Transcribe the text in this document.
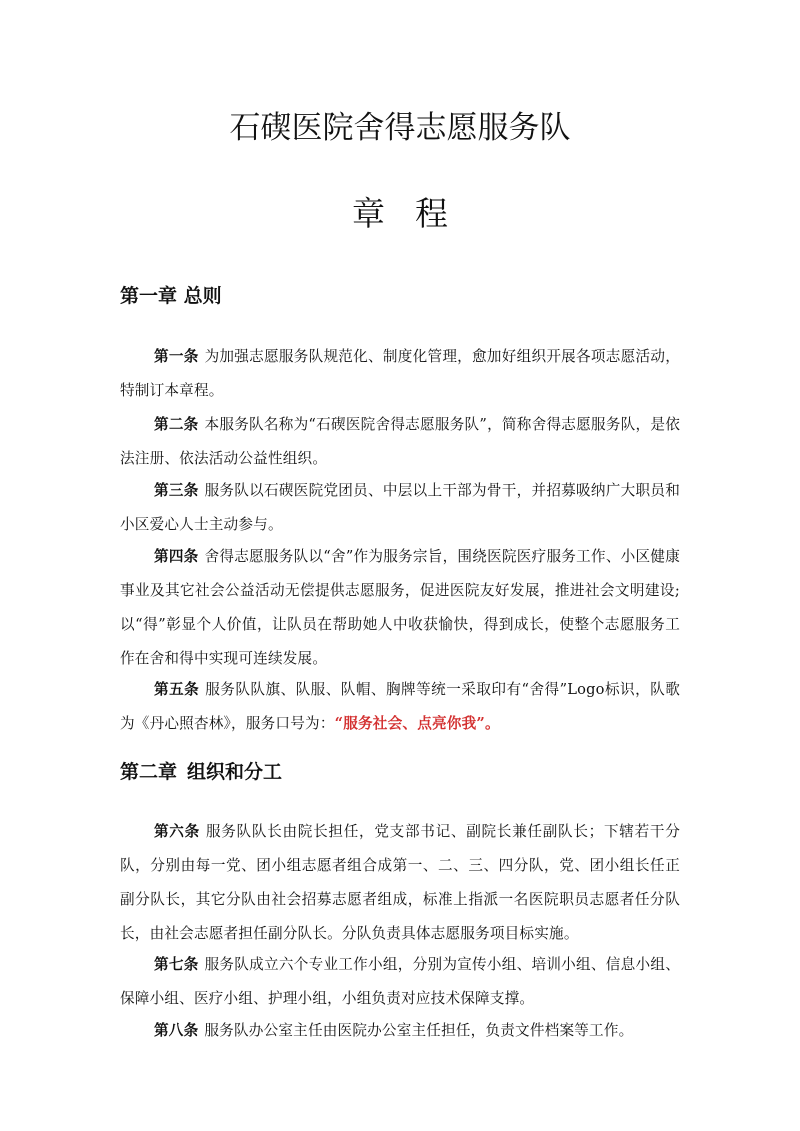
石碶医院舍得志愿服务队
章程
第一章 总则

第一条 为加强志愿服务队规范化、制度化管理，愈加好组织开展各项志愿活动，特制订本章程。

第二条 本服务队名称为“石碶医院舍得志愿服务队”，简称舍得志愿服务队，是依法注册、依法活动公益性组织。

第三条 服务队以石碶医院党团员、中层以上干部为骨干，并招募吸纳广大职员和小区爱心人士主动参与。

第四条 舍得志愿服务队以“舍”作为服务宗旨，围绕医院医疗服务工作、小区健康事业及其它社会公益活动无偿提供志愿服务，促进医院友好发展，推进社会文明建设; 以“得”彰显个人价值，让队员在帮助她人中收获愉快，得到成长，使整个志愿服务工作在舍和得中实现可连续发展。

第五条 服务队队旗、队服、队帽、胸牌等统一采取印有“舍得”Logo标识，队歌为《丹心照杏林》，服务口号为：“服务社会、点亮你我”。

第二章 组织和分工

第六条 服务队队长由院长担任，党支部书记、副院长兼任副队长；下辖若干分队，分别由每一党、团小组志愿者组合成第一、二、三、四分队，党、团小组长任正副分队长，其它分队由社会招募志愿者组成，标准上指派一名医院职员志愿者任分队长，由社会志愿者担任副分队长。分队负责具体志愿服务项目标实施。

第七条 服务队成立六个专业工作小组，分别为宣传小组、培训小组、信息小组、保障小组、医疗小组、护理小组，小组负责对应技术保障支撑。

第八条 服务队办公室主任由医院办公室主任担任，负责文件档案等工作。
